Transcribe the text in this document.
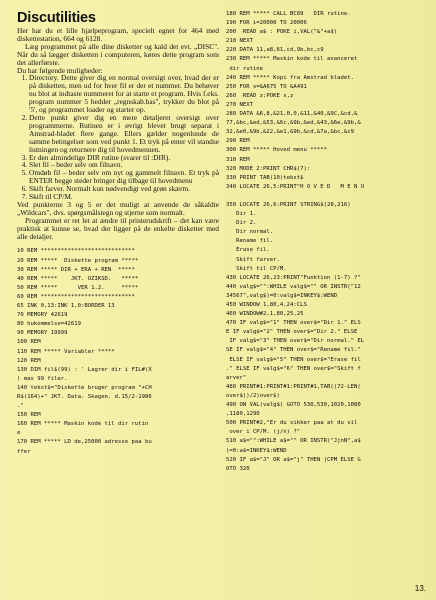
Discutilities

Her har du et lille hjælpeprogram, specielt egnet for 464 med diskettestation, 664 og 6128.

Læg programmet på alle dine disketter og kald det evt. „DISC". Når du så lægger disketten i computeren, køres dette program som det allerførste.

Du har følgende muligheder:

1. Directory. Dette giver dig en normal oversigt over, hvad der er på disketten, men ud for hver fil er der et nummer. Du behøver nu blot at indtaste nummeret for at starte et program. Hvis f.eks. program nummer 5 hedder „regnskab.bas", trykker du blot på '5', og programmet loader og starter op.
2. Dette punkt giver dig en mere detaljeret oversigt over programmerne. Rutinen er i øvrigt blevet brugt separat i Amstrad-bladet flere gange. Ellers gælder nogenlunde de samme betingelser som ved punkt 1. Et tryk på enter vil standse listningen og returnere dig til hovedmenuen.
3. Er den almindelige DIR rutine (svarer til :DIR).
4. Slet fil – beder selv om filnavn.
5. Omdøb fil – beder selv om nyt og gammelt filnavn. Et tryk på ENTER begge steder bringer dig tilbage til hovedmenu
6. Skift farver. Normalt kun nødvendigt ved grøn skærm.
7. Skift til CP/M.

Ved punkterne 3 og 5 er det muligt at anvende de såkaldte „Wildcars", dvs. spørgsmålstegn og stjerne som normalt.

Programmet er ret let at ændre til printerudskrift – det kan være praktisk at kunne se, hvad der ligger på de enkelte disketter med alle detaljer.

10 REM ****************************
20 REM *****  Diskette program *****
30 REM ***** DIR + ERA + REN  *****
40 REM *****    JKT. OZIKSD.   *****
50 REM *****      VER 1.2.     *****
60 REM ****************************
65 INK 0,13:INK 1,0:BORDER 13
70 MEMORY 42619
80 hukommelse=42619
90 MEMORY 19999
100 REM
110 REM ***** Variabler *****
120 REM
130 DIM fil$(99) : ' Lagrer dir i FIL#(X
) max 99 filer.
140 tekst$="Diskette bruger program "+CH
R$(164)+" JKT. Data. Skagen. d.15/2-1986
."
150 REM
160 REM ***** Maskin kode til dir rutin
e
170 REM ***** LD de,25000 adresse paa bu
ffer
180 REM ***** CALL BC89   DIR rutine.
190 FOR i=20000 TO 20006
200  READ a$ : POKE i,VAL("&"+a$)
210 NEXT
220 DATA 11,a8,61,cd,9b,bc,c9
230 REM ***** Maskin kode til avanceret
dir rutine
240 REM ***** Kopi fra Amstrad bladet.
250 FOR x=&A675 TO &A491
260  READ z:POKE x,z
270 NEXT
280 DATA &6,8,&21,0,0,&11,&40,&9C,&cd,&
77,&bc,&ed,&53,&6c,&9b,&ed,&43,&6e,&9b,&
32,&e0,&9b,&22,&e1,&9b,&cd,&7a,&bc,&c9
290 REM
300 REM ***** Hoved menu *****
310 REM
320 MODE 2:PRINT CHR$(7):
330 PRINT TAB(10)tekst$
340 LOCATE 26,5:PRINT"H O V E D   M E N U

350 LOCATE 26,6:PRINT STRING$(28,216)
Dir 1.
Dir 2.
Dir normal.
Rename fil.
Erase fil.
Skift farver.
Skift til CP/M.
430 LOCATE 26,23:PRINT"Funktion (1-7) ?"
440 valg$="":WHILE valg$="" OR INSTR("12
34567",valg$)=0:valg$=INKEY$:WEND
450 WINDOW 1,80,4,24:CLS
460 WINDOW#2,1,80,25,25
470 IF valg$="1" THEN over$="Dir 1." ELS
E IF valg$="2" THEN over$="Dir 2." ELSE
IF valg$="3" THEN over$="Dir normal." EL
SE IF valg$="4" THEN over$="Rename fil."
ELSE IF valg$="5" THEN over$="Erase fil
." ELSE IF valg$="6" THEN over$="Skift f
arver"
480 PRINT#1:PRINT#1:PRINT#1,TAB((72-LEN(
over$))/2)over$)
490 ON VAL(valg$) GOTO 530,530,1020,1080
,1180,1290
500 PRINT#2,"Er du sikker paa at du vil
over i CP/M. (j/n) ?"
510 a$="":WHILE a$="" OR INSTR("JjnN",a$
)=0:a$=INKEY$:WEND
520 IF a$="J" OR a$="j" THEN |CPM ELSE G
OTO 320
13.
